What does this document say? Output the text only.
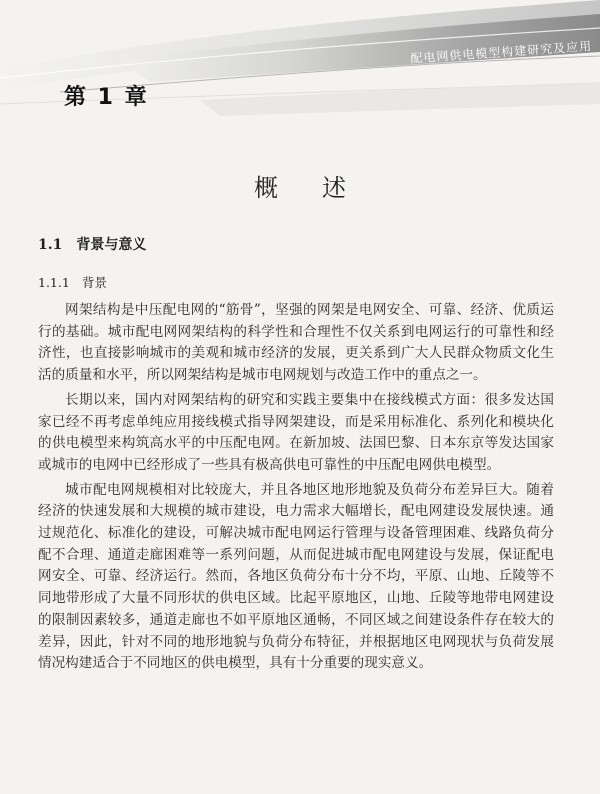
配电网供电模型构建研究及应用
第 1 章
概述
1.1 背景与意义
1.1.1 背景

网架结构是中压配电网的“筋骨”，坚强的网架是电网安全、可靠、经济、优质运行的基础。城市配电网网架结构的科学性和合理性不仅关系到电网运行的可靠性和经济性，也直接影响城市的美观和城市经济的发展，更关系到广大人民群众物质文化生活的质量和水平，所以网架结构是城市电网规划与改造工作中的重点之一。

长期以来，国内对网架结构的研究和实践主要集中在接线模式方面：很多发达国家已经不再考虑单纯应用接线模式指导网架建设，而是采用标准化、系列化和模块化的供电模型来构筑高水平的中压配电网。在新加坡、法国巴黎、日本东京等发达国家或城市的电网中已经形成了一些具有极高供电可靠性的中压配电网供电模型。

城市配电网规模相对比较庞大，并且各地区地形地貌及负荷分布差异巨大。随着经济的快速发展和大规模的城市建设，电力需求大幅增长，配电网建设发展快速。通过规范化、标准化的建设，可解决城市配电网运行管理与设备管理困难、线路负荷分配不合理、通道走廊困难等一系列问题，从而促进城市配电网建设与发展，保证配电网安全、可靠、经济运行。然而，各地区负荷分布十分不均，平原、山地、丘陵等不同地带形成了大量不同形状的供电区域。比起平原地区，山地、丘陵等地带电网建设的限制因素较多，通道走廊也不如平原地区通畅，不同区域之间建设条件存在较大的差异，因此，针对不同的地形地貌与负荷分布特征，并根据地区电网现状与负荷发展情况构建适合于不同地区的供电模型，具有十分重要的现实意义。
